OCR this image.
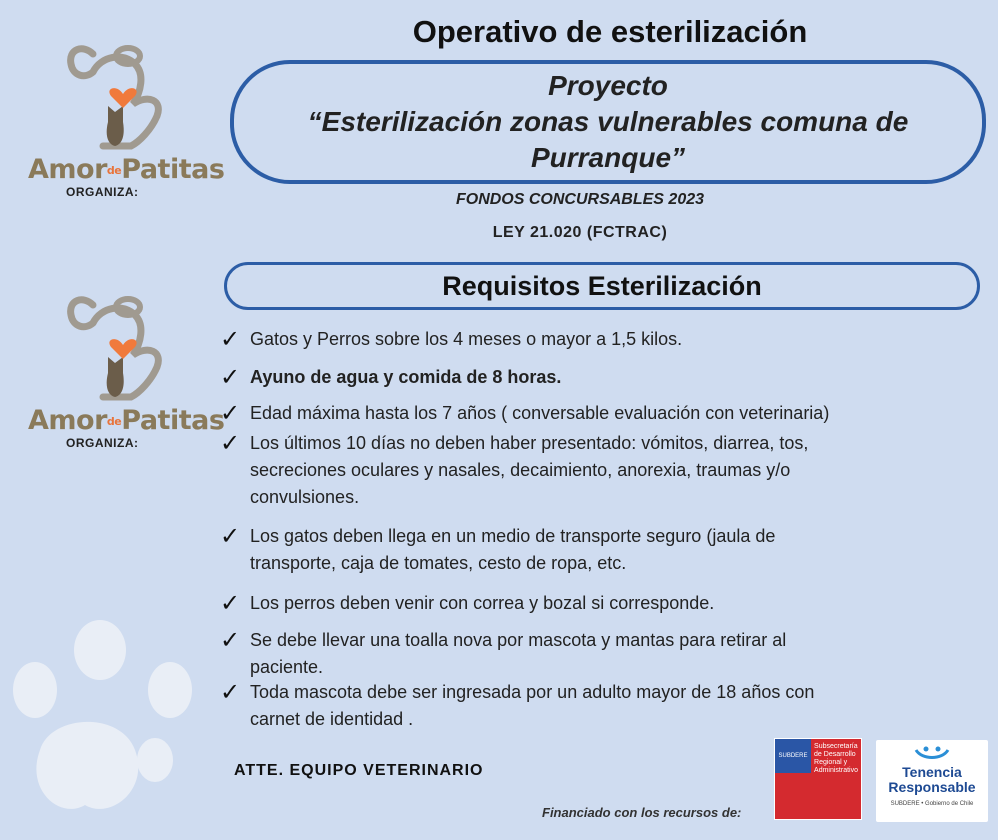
Operativo de esterilización
Proyecto
“Esterilización zonas vulnerables comuna de
Purranque”
FONDOS CONCURSABLES 2023
LEY 21.020 (FCTRAC)
AmordePatitas
ORGANIZA:
AmordePatitas
ORGANIZA:
Requisitos Esterilización
✓ Gatos y Perros sobre los 4 meses o mayor a 1,5 kilos.
✓ Ayuno de agua y comida de 8 horas.
✓ Edad máxima hasta los 7 años ( conversable evaluación con veterinaria)
✓ Los últimos 10 días no deben haber presentado: vómitos, diarrea, tos,
secreciones oculares y nasales, decaimiento, anorexia, traumas y/o
convulsiones.
✓ Los gatos deben llega en un medio de transporte seguro (jaula de
transporte, caja de tomates, cesto de ropa, etc.
✓ Los perros deben venir con correa y bozal si corresponde.
✓ Se debe llevar una toalla nova por mascota y mantas para retirar al
paciente.
✓ Toda mascota debe ser ingresada por un adulto mayor de 18 años con
carnet de identidad .
ATTE. EQUIPO VETERINARIO
Financiado con los recursos de:
SUBDERE
Subsecretaría de Desarrollo Regional y Administrativo	Tenencia
Responsable
SUBDERE • Gobierno de Chile
